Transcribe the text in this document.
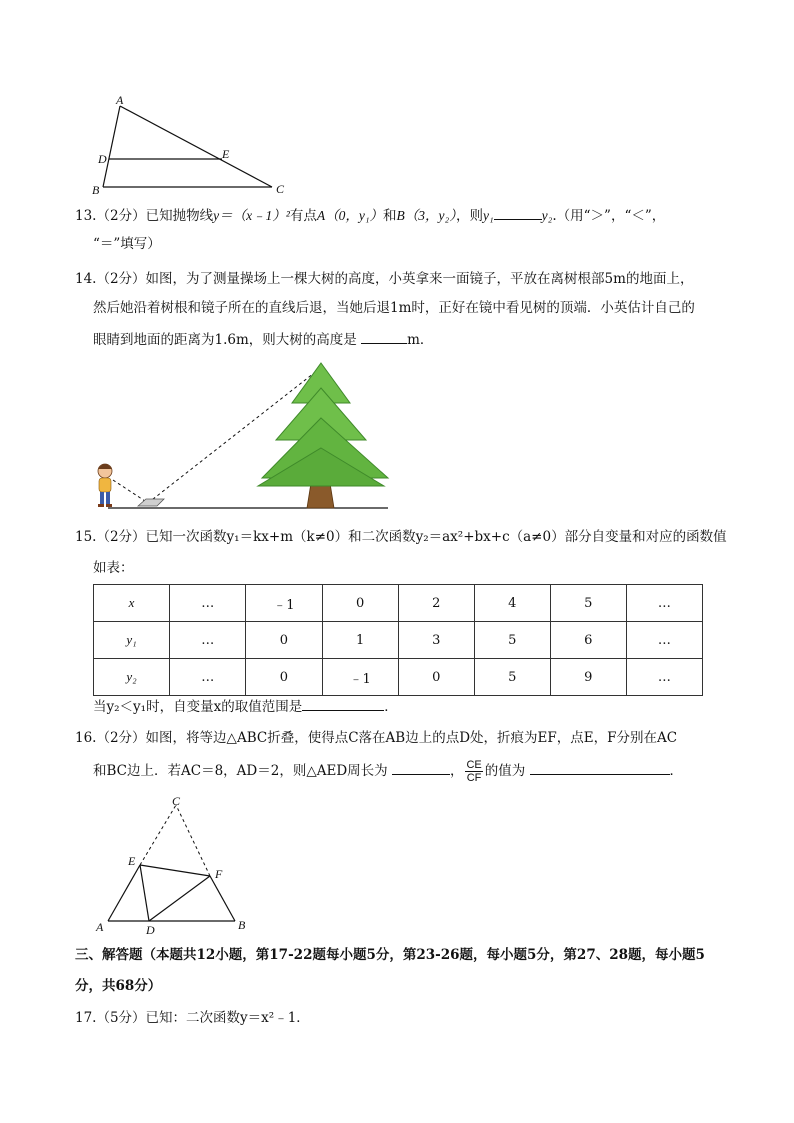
A
D	E
B	C
13.（2分）已知抛物线y＝（x﹣1）²有点A（0，y₁）和B（3，y₂），则y₁	y₂.（用“＞”，“＜”，
“＝”填写）
14.（2分）如图，为了测量操场上一棵大树的高度，小英拿来一面镜子，平放在离树根部5m的地面上，
然后她沿着树根和镜子所在的直线后退，当她后退1m时，正好在镜中看见树的顶端．小英估计自己的
眼睛到地面的距离为1.6m，则大树的高度是	m．
15.（2分）已知一次函数y₁＝kx+m（k≠0）和二次函数y₂＝ax²+bx+c（a≠0）部分自变量和对应的函数值
如表：
x	…	﹣1	0	2	4	5	…
y₁	…	0	1	3	5	6	…
y₂	…	0	﹣1	0	5	9	…
当y₂＜y₁时，自变量x的取值范围是	．
16.（2分）如图，将等边△ABC折叠，使得点C落在AB边上的点D处，折痕为EF，点E，F分别在AC
和BC边上．若AC＝8，AD＝2，则△AED周长为	， $\frac{CE}{CF}$ 的值为	．
C
E
F
A	D	B
三、解答题（本题共12小题，第17-22题每小题5分，第23-26题，每小题5分，第27、28题，每小题5
分，共68分）
17.（5分）已知：二次函数y＝x²﹣1．
